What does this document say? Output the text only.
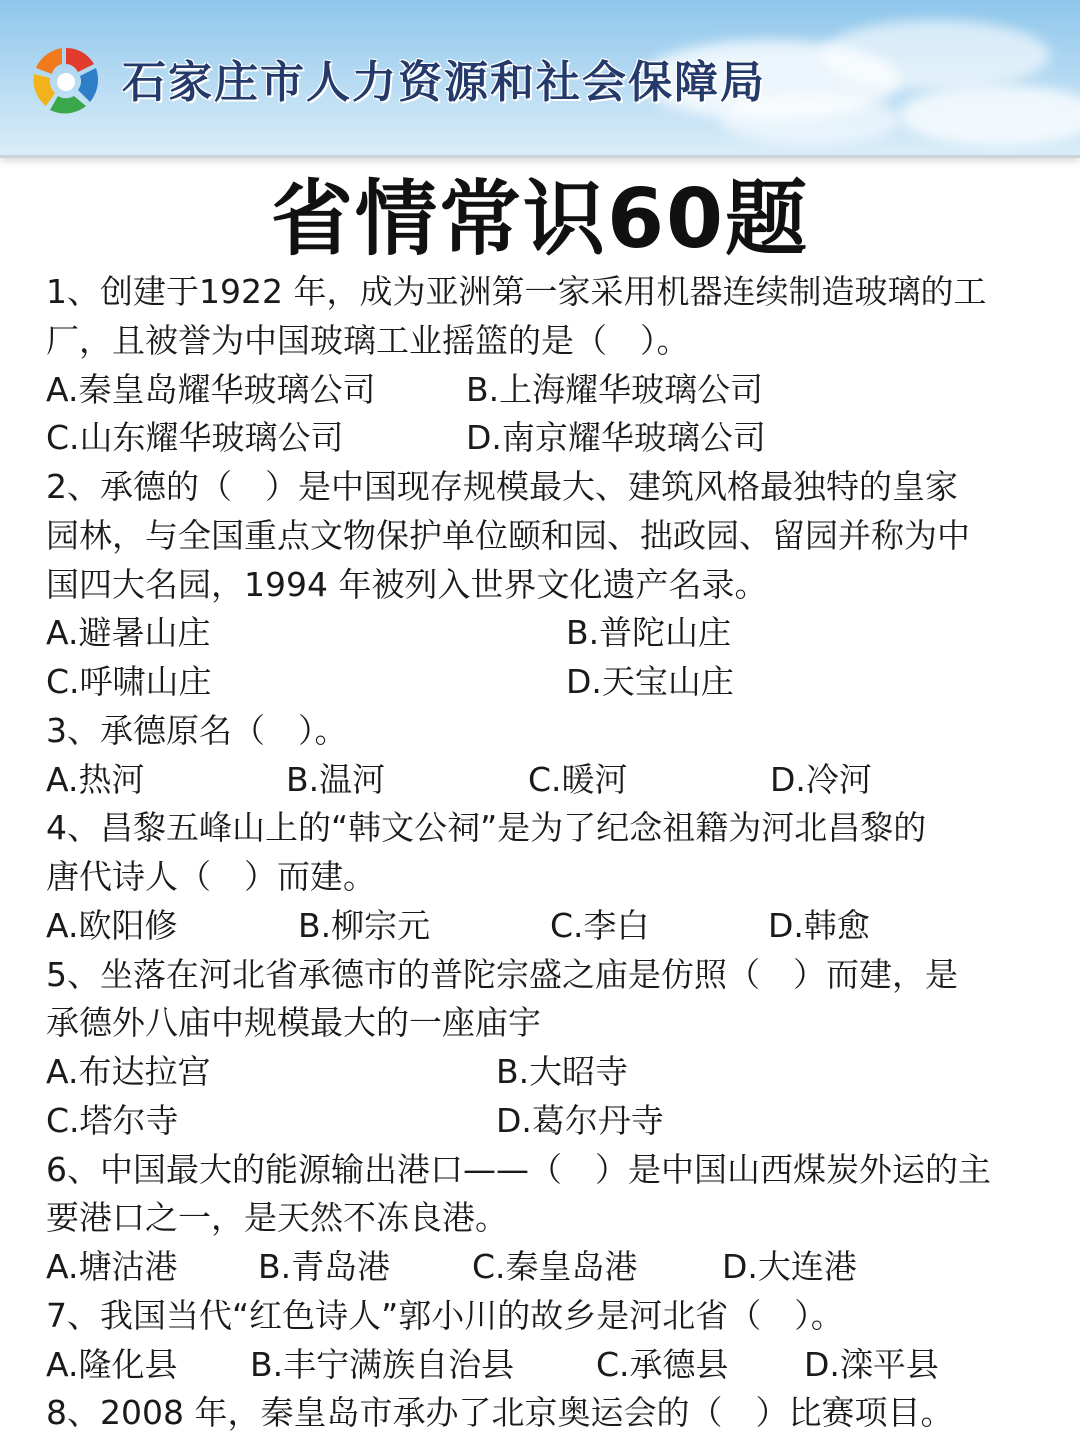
石家庄市人力资源和社会保障局
省情常识60题
1、创建于1922 年，成为亚洲第一家采用机器连续制造玻璃的工
厂，且被誉为中国玻璃工业摇篮的是（　）。
A.秦皇岛耀华玻璃公司	B.上海耀华玻璃公司
C.山东耀华玻璃公司	D.南京耀华玻璃公司
2、承德的（　）是中国现存规模最大、建筑风格最独特的皇家
园林，与全国重点文物保护单位颐和园、拙政园、留园并称为中
国四大名园，1994 年被列入世界文化遗产名录。
A.避暑山庄	B.普陀山庄
C.呼啸山庄	D.天宝山庄
3、承德原名（　）。
A.热河	B.温河	C.暖河	D.冷河
4、昌黎五峰山上的“韩文公祠”是为了纪念祖籍为河北昌黎的
唐代诗人（　）而建。
A.欧阳修	B.柳宗元	C.李白	D.韩愈
5、坐落在河北省承德市的普陀宗盛之庙是仿照（　）而建，是
承德外八庙中规模最大的一座庙宇
A.布达拉宫	B.大昭寺
C.塔尔寺	D.葛尔丹寺
6、中国最大的能源输出港口——（　）是中国山西煤炭外运的主
要港口之一，是天然不冻良港。
A.塘沽港 B.青岛港 C.秦皇岛港	D.大连港
7、我国当代“红色诗人”郭小川的故乡是河北省（　）。
A.隆化县 B.丰宁满族自治县 C.承德县 D.滦平县
8、2008 年，秦皇岛市承办了北京奥运会的（　）比赛项目。
